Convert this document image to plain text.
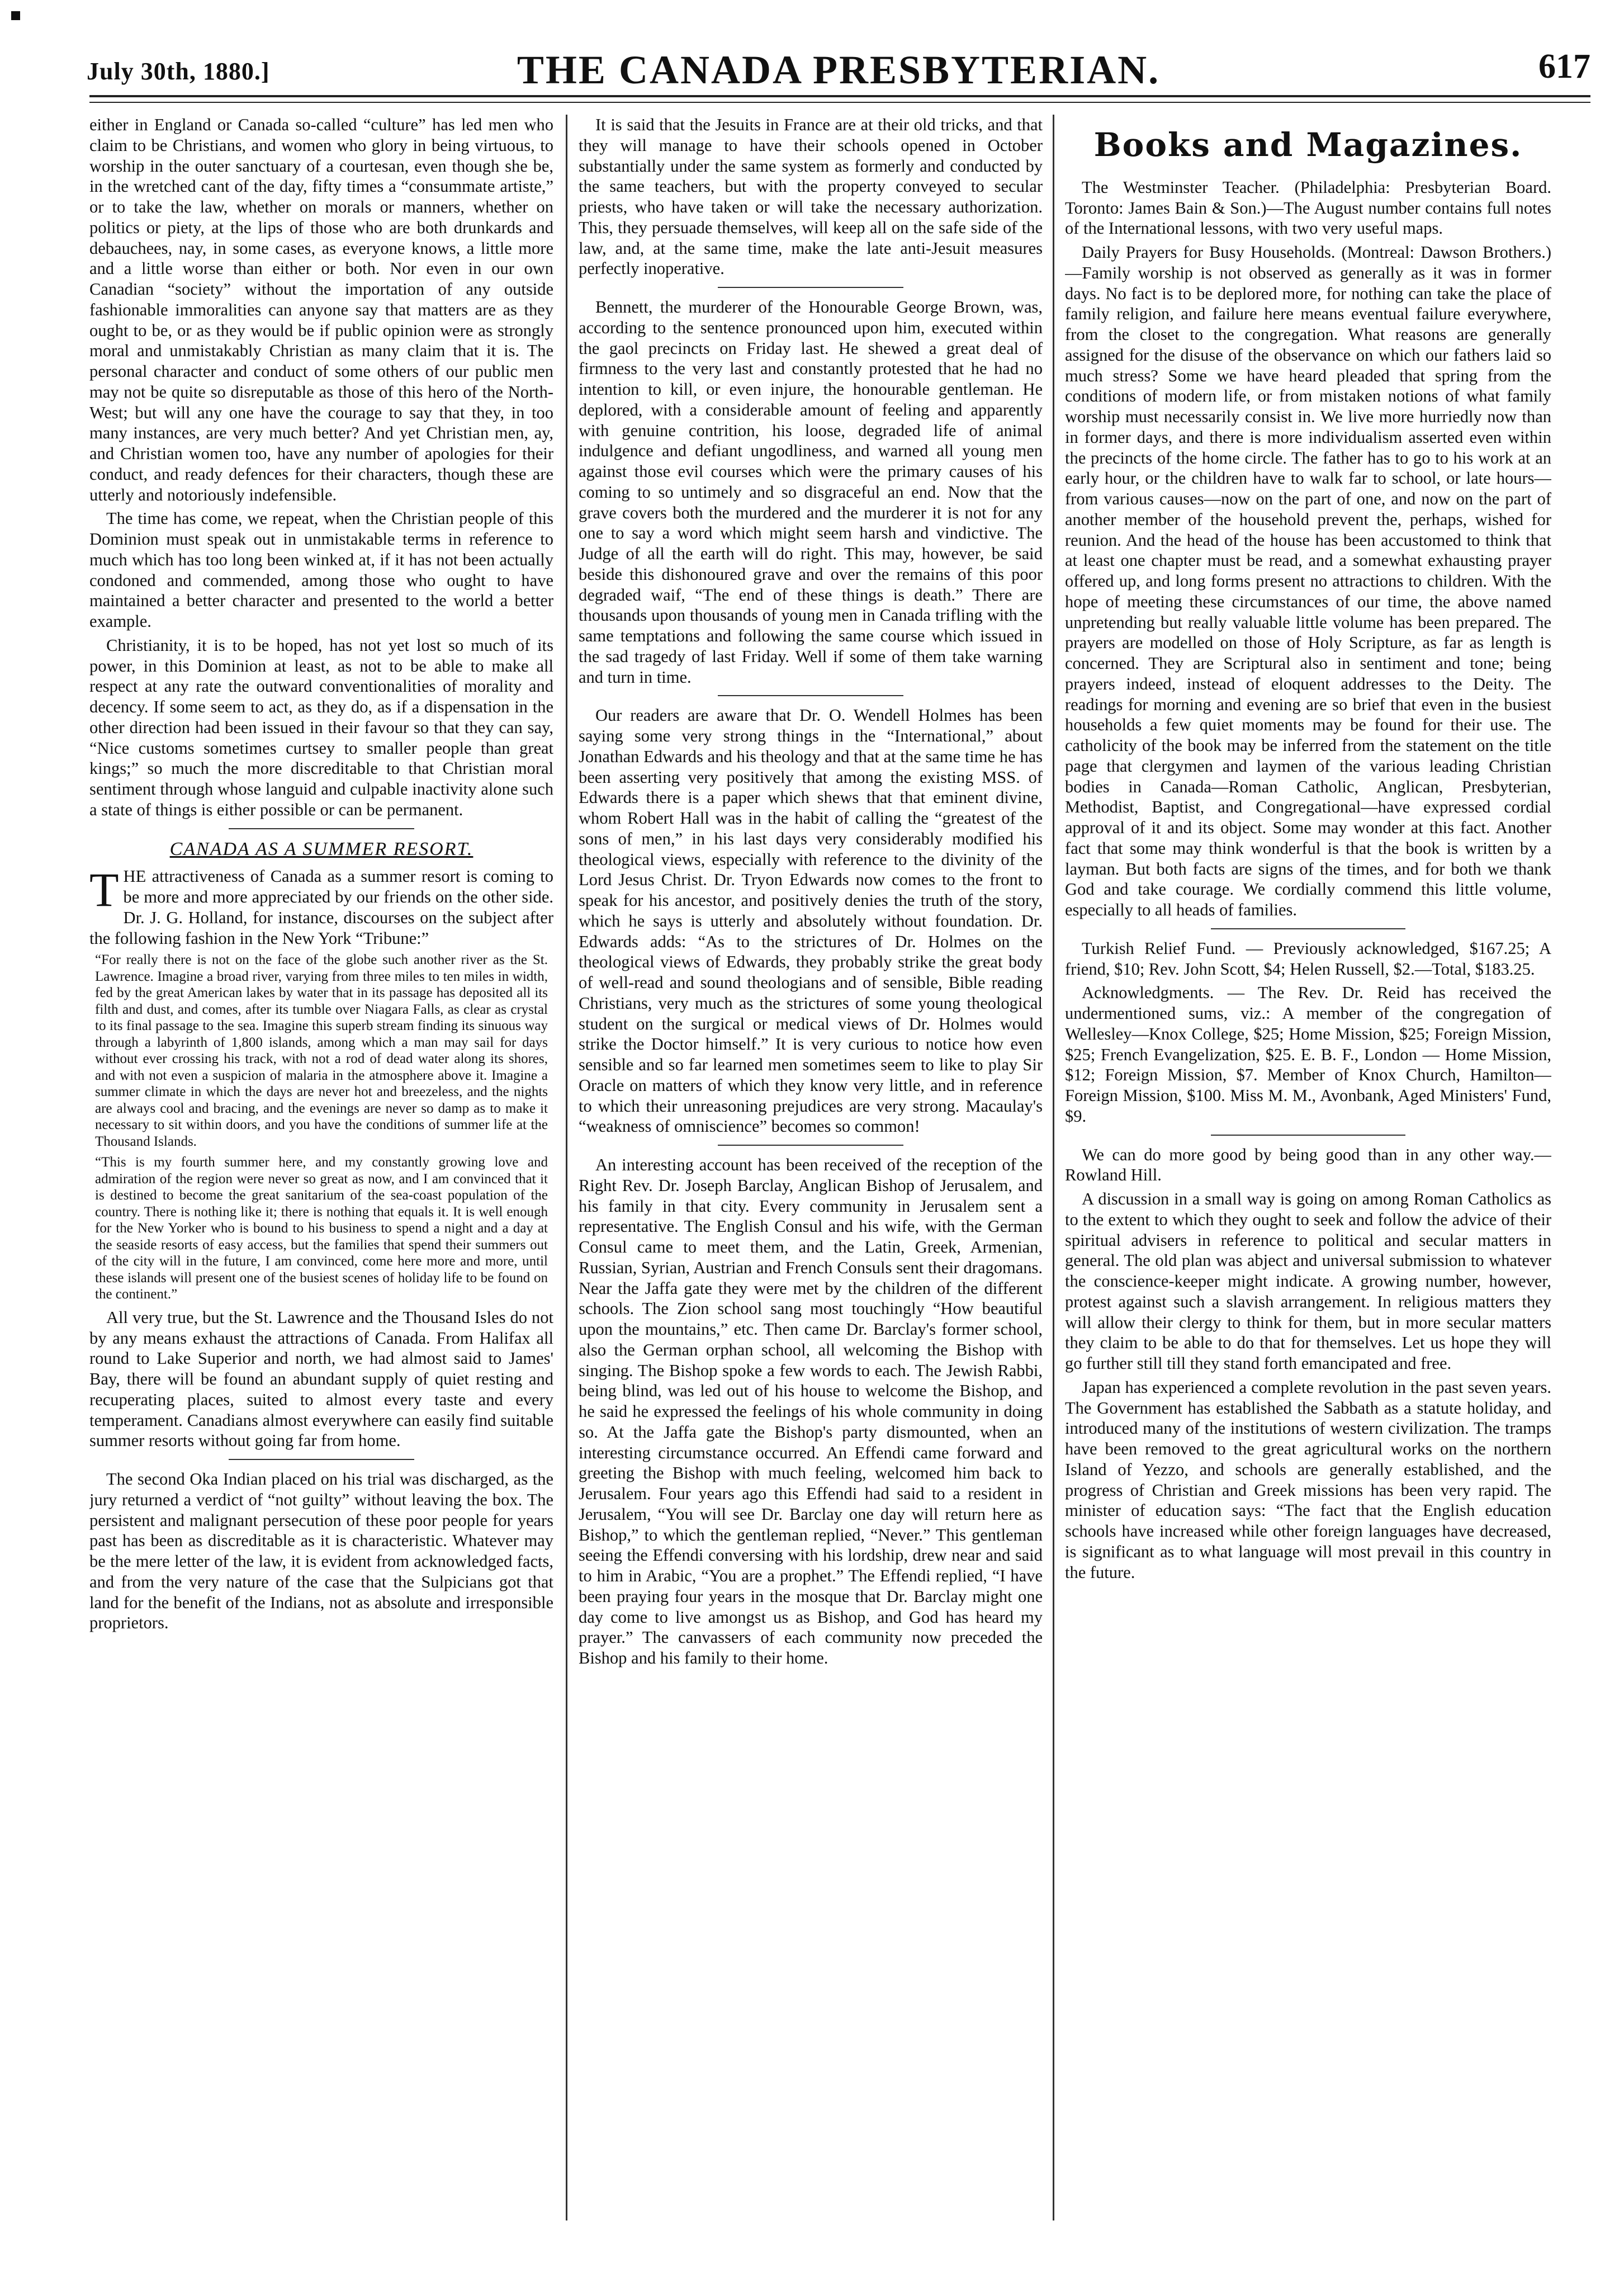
July 30th, 1880.]	THE CANADA PRESBYTERIAN.	617

either in England or Canada so-called “culture” has led men who claim to be Christians, and women who glory in being virtuous, to worship in the outer sanctuary of a courtesan, even though she be, in the wretched cant of the day, fifty times a “consummate artiste,” or to take the law, whether on morals or manners, whether on politics or piety, at the lips of those who are both drunkards and debauchees, nay, in some cases, as everyone knows, a little more and a little worse than either or both. Nor even in our own Canadian “society” without the importation of any outside fashionable immoralities can anyone say that matters are as they ought to be, or as they would be if public opinion were as strongly moral and unmistakably Christian as many claim that it is. The personal character and conduct of some others of our public men may not be quite so disreputable as those of this hero of the North-West; but will any one have the courage to say that they, in too many instances, are very much better? And yet Christian men, ay, and Christian women too, have any number of apologies for their conduct, and ready defences for their characters, though these are utterly and notoriously indefensible.

The time has come, we repeat, when the Christian people of this Dominion must speak out in unmistakable terms in reference to much which has too long been winked at, if it has not been actually condoned and commended, among those who ought to have maintained a better character and presented to the world a better example.

Christianity, it is to be hoped, has not yet lost so much of its power, in this Dominion at least, as not to be able to make all respect at any rate the outward conventionalities of morality and decency. If some seem to act, as they do, as if a dispensation in the other direction had been issued in their favour so that they can say, “Nice customs sometimes curtsey to smaller people than great kings;” so much the more discreditable to that Christian moral sentiment through whose languid and culpable inactivity alone such a state of things is either possible or can be permanent.

CANADA AS A SUMMER RESORT.

THE attractiveness of Canada as a summer resort is coming to be more and more appreciated by our friends on the other side. Dr. J. G. Holland, for instance, discourses on the subject after the following fashion in the New York “Tribune:”

“For really there is not on the face of the globe such another river as the St. Lawrence. Imagine a broad river, varying from three miles to ten miles in width, fed by the great American lakes by water that in its passage has deposited all its filth and dust, and comes, after its tumble over Niagara Falls, as clear as crystal to its final passage to the sea. Imagine this superb stream finding its sinuous way through a labyrinth of 1,800 islands, among which a man may sail for days without ever crossing his track, with not a rod of dead water along its shores, and with not even a suspicion of malaria in the atmosphere above it. Imagine a summer climate in which the days are never hot and breezeless, and the nights are always cool and bracing, and the evenings are never so damp as to make it necessary to sit within doors, and you have the conditions of summer life at the Thousand Islands.
“This is my fourth summer here, and my constantly growing love and admiration of the region were never so great as now, and I am convinced that it is destined to become the great sanitarium of the sea-coast population of the country. There is nothing like it; there is nothing that equals it. It is well enough for the New Yorker who is bound to his business to spend a night and a day at the seaside resorts of easy access, but the families that spend their summers out of the city will in the future, I am convinced, come here more and more, until these islands will present one of the busiest scenes of holiday life to be found on the continent.”

All very true, but the St. Lawrence and the Thousand Isles do not by any means exhaust the attractions of Canada. From Halifax all round to Lake Superior and north, we had almost said to James' Bay, there will be found an abundant supply of quiet resting and recuperating places, suited to almost every taste and every temperament. Canadians almost everywhere can easily find suitable summer resorts without going far from home.

The second Oka Indian placed on his trial was discharged, as the jury returned a verdict of “not guilty” without leaving the box. The persistent and malignant persecution of these poor people for years past has been as discreditable as it is characteristic. Whatever may be the mere letter of the law, it is evident from acknowledged facts, and from the very nature of the case that the Sulpicians got that land for the benefit of the Indians, not as absolute and irresponsible proprietors.

It is said that the Jesuits in France are at their old tricks, and that they will manage to have their schools opened in October substantially under the same system as formerly and conducted by the same teachers, but with the property conveyed to secular priests, who have taken or will take the necessary authorization. This, they persuade themselves, will keep all on the safe side of the law, and, at the same time, make the late anti-Jesuit measures perfectly inoperative.

Bennett, the murderer of the Honourable George Brown, was, according to the sentence pronounced upon him, executed within the gaol precincts on Friday last. He shewed a great deal of firmness to the very last and constantly protested that he had no intention to kill, or even injure, the honourable gentleman. He deplored, with a considerable amount of feeling and apparently with genuine contrition, his loose, degraded life of animal indulgence and defiant ungodliness, and warned all young men against those evil courses which were the primary causes of his coming to so untimely and so disgraceful an end. Now that the grave covers both the murdered and the murderer it is not for any one to say a word which might seem harsh and vindictive. The Judge of all the earth will do right. This may, however, be said beside this dishonoured grave and over the remains of this poor degraded waif, “The end of these things is death.” There are thousands upon thousands of young men in Canada trifling with the same temptations and following the same course which issued in the sad tragedy of last Friday. Well if some of them take warning and turn in time.

Our readers are aware that Dr. O. Wendell Holmes has been saying some very strong things in the “International,” about Jonathan Edwards and his theology and that at the same time he has been asserting very positively that among the existing MSS. of Edwards there is a paper which shews that that eminent divine, whom Robert Hall was in the habit of calling the “greatest of the sons of men,” in his last days very considerably modified his theological views, especially with reference to the divinity of the Lord Jesus Christ. Dr. Tryon Edwards now comes to the front to speak for his ancestor, and positively denies the truth of the story, which he says is utterly and absolutely without foundation. Dr. Edwards adds: “As to the strictures of Dr. Holmes on the theological views of Edwards, they probably strike the great body of well-read and sound theologians and of sensible, Bible reading Christians, very much as the strictures of some young theological student on the surgical or medical views of Dr. Holmes would strike the Doctor himself.” It is very curious to notice how even sensible and so far learned men sometimes seem to like to play Sir Oracle on matters of which they know very little, and in reference to which their unreasoning prejudices are very strong. Macaulay's “weakness of omniscience” becomes so common!

An interesting account has been received of the reception of the Right Rev. Dr. Joseph Barclay, Anglican Bishop of Jerusalem, and his family in that city. Every community in Jerusalem sent a representative. The English Consul and his wife, with the German Consul came to meet them, and the Latin, Greek, Armenian, Russian, Syrian, Austrian and French Consuls sent their dragomans. Near the Jaffa gate they were met by the children of the different schools. The Zion school sang most touchingly “How beautiful upon the mountains,” etc. Then came Dr. Barclay's former school, also the German orphan school, all welcoming the Bishop with singing. The Bishop spoke a few words to each. The Jewish Rabbi, being blind, was led out of his house to welcome the Bishop, and he said he expressed the feelings of his whole community in doing so. At the Jaffa gate the Bishop's party dismounted, when an interesting circumstance occurred. An Effendi came forward and greeting the Bishop with much feeling, welcomed him back to Jerusalem. Four years ago this Effendi had said to a resident in Jerusalem, “You will see Dr. Barclay one day will return here as Bishop,” to which the gentleman replied, “Never.” This gentleman seeing the Effendi conversing with his lordship, drew near and said to him in Arabic, “You are a prophet.” The Effendi replied, “I have been praying four years in the mosque that Dr. Barclay might one day come to live amongst us as Bishop, and God has heard my prayer.” The canvassers of each community now preceded the Bishop and his family to their home.

Books and Magazines.

The Westminster Teacher. (Philadelphia: Presbyterian Board. Toronto: James Bain & Son.)—The August number contains full notes of the International lessons, with two very useful maps.

Daily Prayers for Busy Households. (Montreal: Dawson Brothers.)—Family worship is not observed as generally as it was in former days. No fact is to be deplored more, for nothing can take the place of family religion, and failure here means eventual failure everywhere, from the closet to the congregation. What reasons are generally assigned for the disuse of the observance on which our fathers laid so much stress? Some we have heard pleaded that spring from the conditions of modern life, or from mistaken notions of what family worship must necessarily consist in. We live more hurriedly now than in former days, and there is more individualism asserted even within the precincts of the home circle. The father has to go to his work at an early hour, or the children have to walk far to school, or late hours—from various causes—now on the part of one, and now on the part of another member of the household prevent the, perhaps, wished for reunion. And the head of the house has been accustomed to think that at least one chapter must be read, and a somewhat exhausting prayer offered up, and long forms present no attractions to children. With the hope of meeting these circumstances of our time, the above named unpretending but really valuable little volume has been prepared. The prayers are modelled on those of Holy Scripture, as far as length is concerned. They are Scriptural also in sentiment and tone; being prayers indeed, instead of eloquent addresses to the Deity. The readings for morning and evening are so brief that even in the busiest households a few quiet moments may be found for their use. The catholicity of the book may be inferred from the statement on the title page that clergymen and laymen of the various leading Christian bodies in Canada—Roman Catholic, Anglican, Presbyterian, Methodist, Baptist, and Congregational—have expressed cordial approval of it and its object. Some may wonder at this fact. Another fact that some may think wonderful is that the book is written by a layman. But both facts are signs of the times, and for both we thank God and take courage. We cordially commend this little volume, especially to all heads of families.

Turkish Relief Fund. — Previously acknowledged, $167.25; A friend, $10; Rev. John Scott, $4; Helen Russell, $2.—Total, $183.25.

Acknowledgments. — The Rev. Dr. Reid has received the undermentioned sums, viz.: A member of the congregation of Wellesley—Knox College, $25; Home Mission, $25; Foreign Mission, $25; French Evangelization, $25. E. B. F., London — Home Mission, $12; Foreign Mission, $7. Member of Knox Church, Hamilton—Foreign Mission, $100. Miss M. M., Avonbank, Aged Ministers' Fund, $9.

We can do more good by being good than in any other way.—Rowland Hill.

A discussion in a small way is going on among Roman Catholics as to the extent to which they ought to seek and follow the advice of their spiritual advisers in reference to political and secular matters in general. The old plan was abject and universal submission to whatever the conscience-keeper might indicate. A growing number, however, protest against such a slavish arrangement. In religious matters they will allow their clergy to think for them, but in more secular matters they claim to be able to do that for themselves. Let us hope they will go further still till they stand forth emancipated and free.

Japan has experienced a complete revolution in the past seven years. The Government has established the Sabbath as a statute holiday, and introduced many of the institutions of western civilization. The tramps have been removed to the great agricultural works on the northern Island of Yezzo, and schools are generally established, and the progress of Christian and Greek missions has been very rapid. The minister of education says: “The fact that the English education schools have increased while other foreign languages have decreased, is significant as to what language will most prevail in this country in the future.
